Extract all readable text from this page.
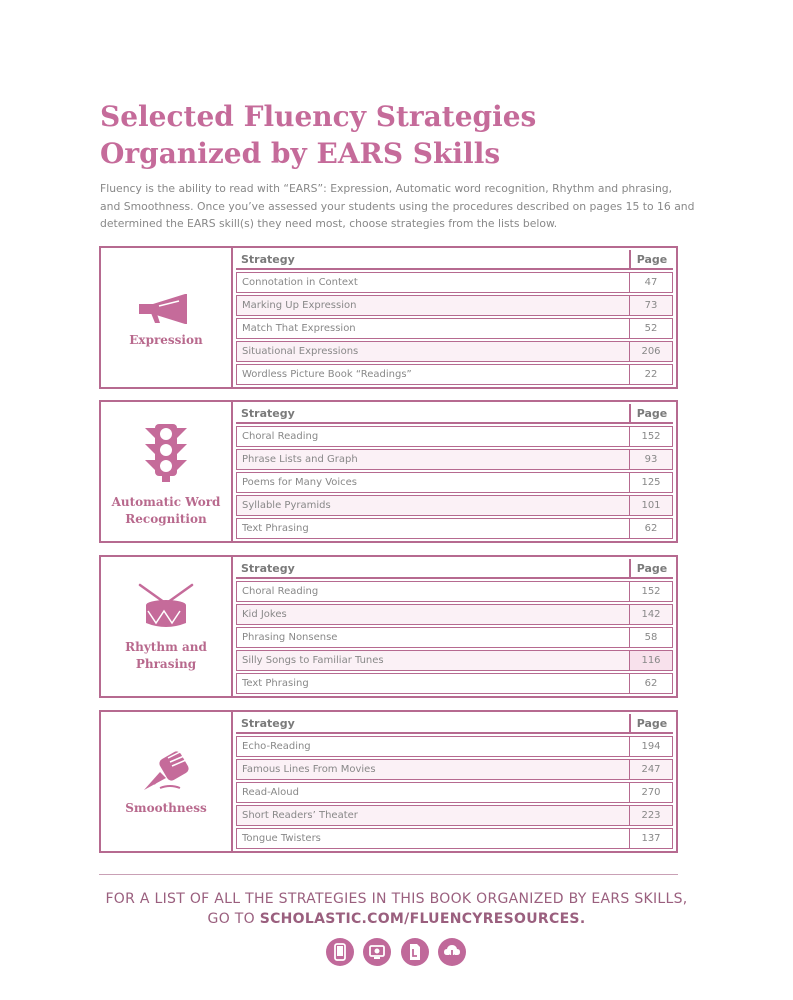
Selected Fluency Strategies
Organized by EARS Skills

Fluency is the ability to read with “EARS”: Expression, Automatic word recognition, Rhythm and phrasing,
and Smoothness. Once you’ve assessed your students using the procedures described on pages 15 to 16 and
determined the EARS skill(s) they need most, choose strategies from the lists below.

Expression
Strategy	Page
Connotation in Context	47
Marking Up Expression	73
Match That Expression	52
Situational Expressions	206
Wordless Picture Book “Readings”	22
Automatic Word
Recognition
Strategy	Page
Choral Reading	152
Phrase Lists and Graph	93
Poems for Many Voices	125
Syllable Pyramids	101
Text Phrasing	62
Rhythm and
Phrasing
Strategy	Page
Choral Reading	152
Kid Jokes	142
Phrasing Nonsense	58
Silly Songs to Familiar Tunes	116
Text Phrasing	62
Smoothness
Strategy	Page
Echo-Reading	194
Famous Lines From Movies	247
Read-Aloud	270
Short Readers’ Theater	223
Tongue Twisters	137

FOR A LIST OF ALL THE STRATEGIES IN THIS BOOK ORGANIZED BY EARS SKILLS,
GO TO SCHOLASTIC.COM/FLUENCYRESOURCES.
